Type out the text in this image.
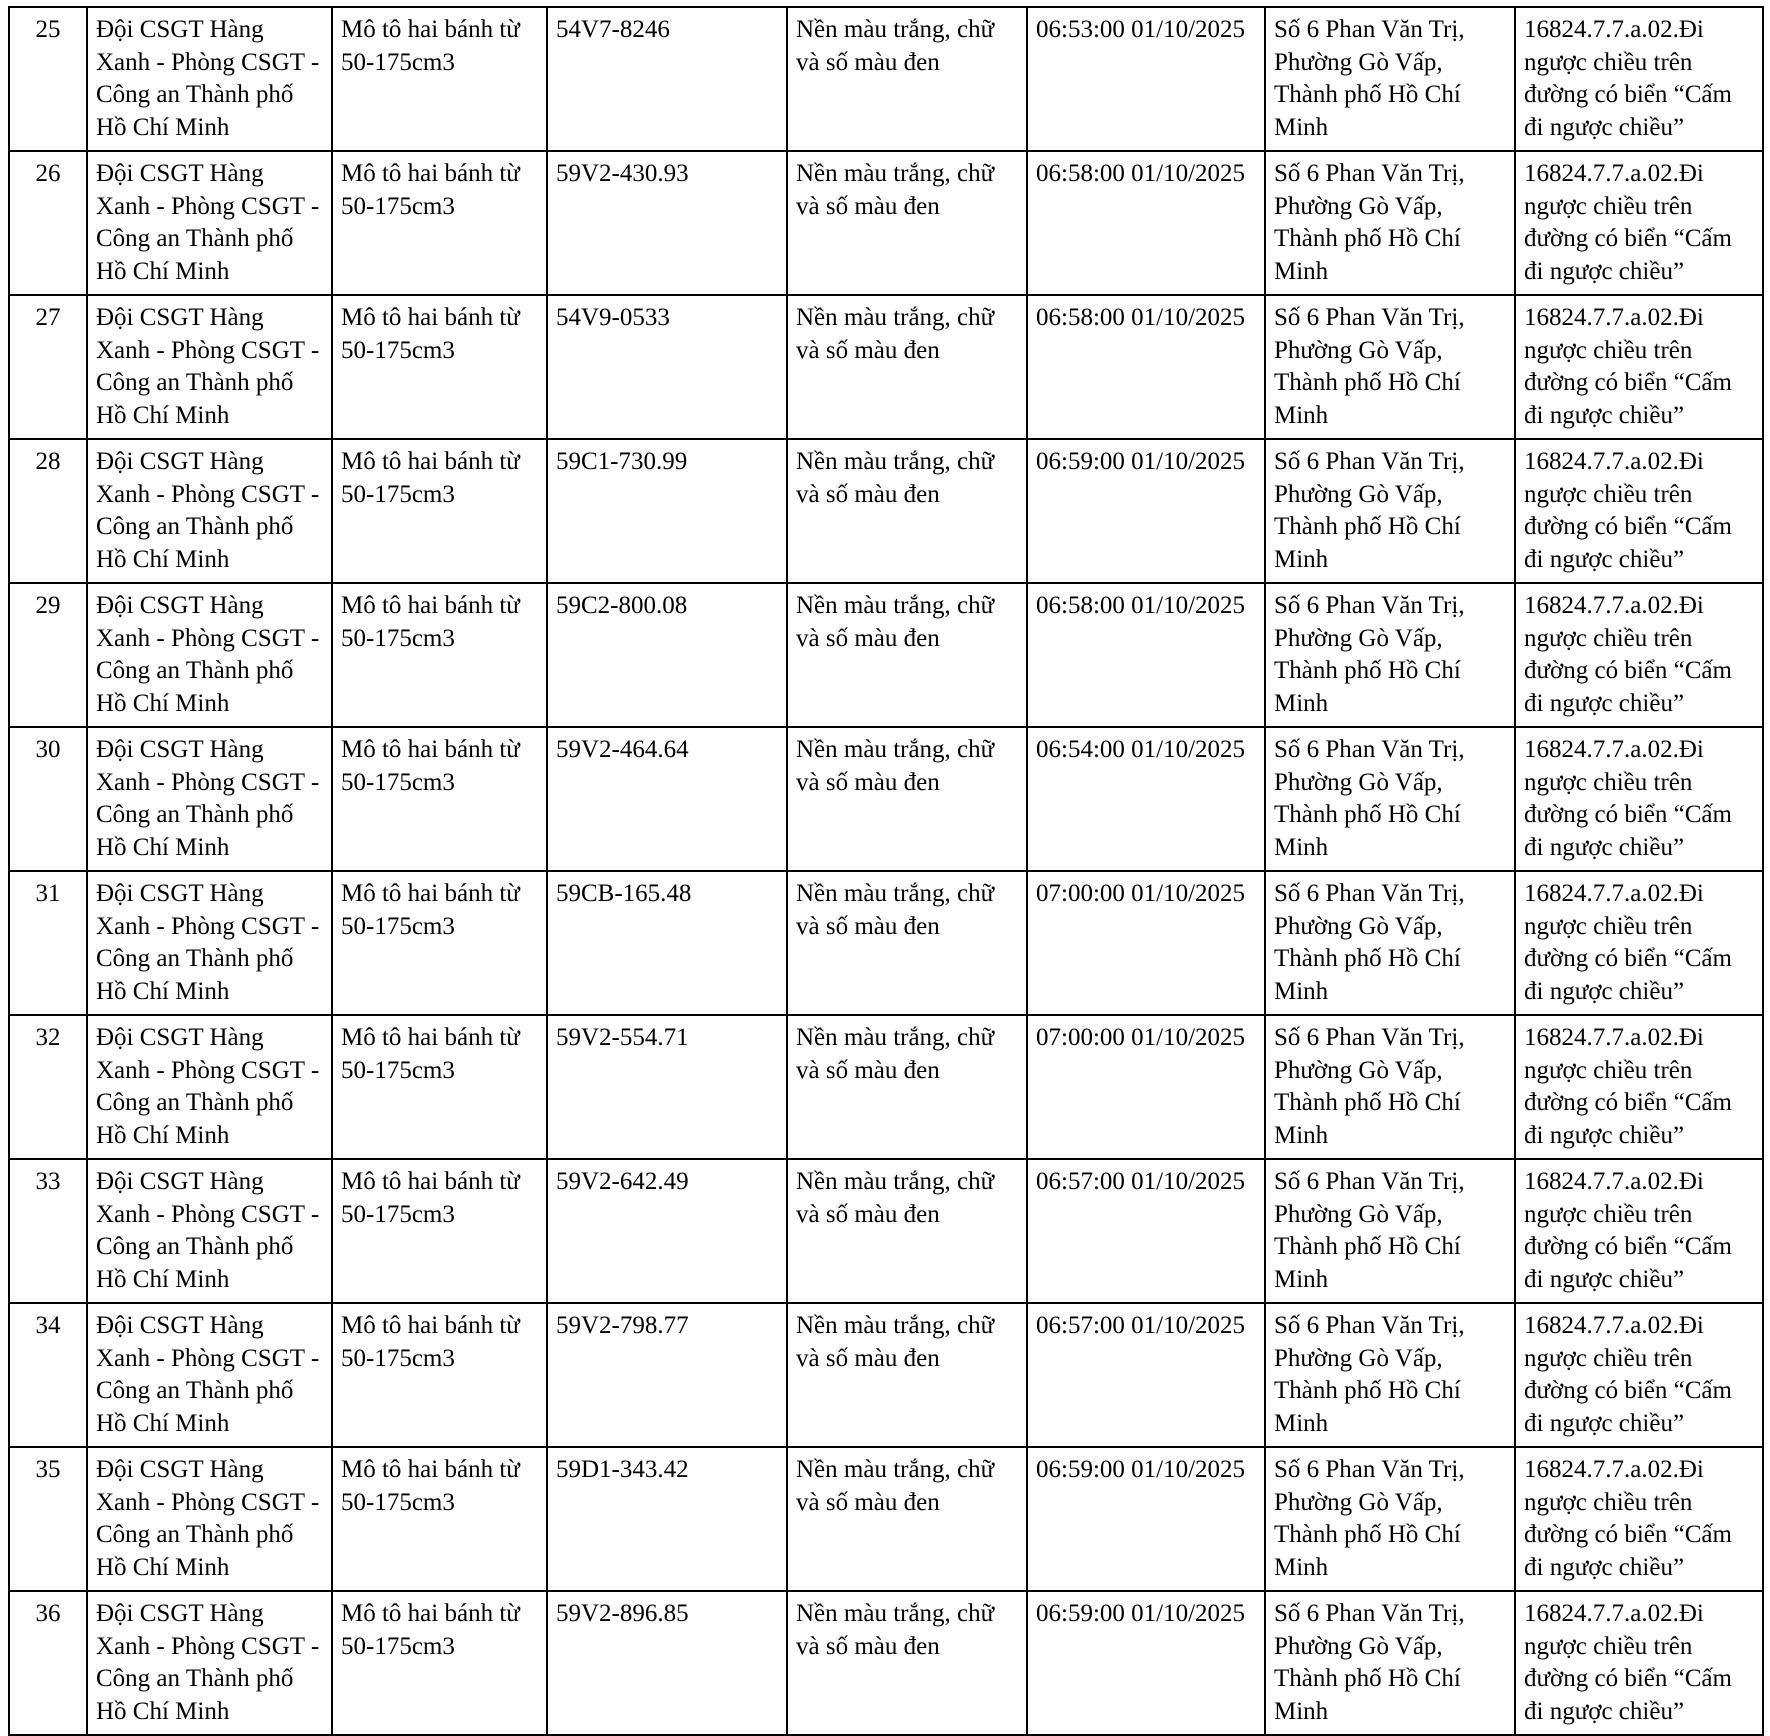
25	Đội CSGT Hàng Xanh - Phòng CSGT - Công an Thành phố Hồ Chí Minh	Mô tô hai bánh từ 50-175cm3	54V7-8246	Nền màu trắng, chữ và số màu đen	06:53:00 01/10/2025	Số 6 Phan Văn Trị, Phường Gò Vấp, Thành phố Hồ Chí Minh	16824.7.7.a.02.Đi ngược chiều trên đường có biển “Cấm đi ngược chiều”
26	Đội CSGT Hàng Xanh - Phòng CSGT - Công an Thành phố Hồ Chí Minh	Mô tô hai bánh từ 50-175cm3	59V2-430.93	Nền màu trắng, chữ và số màu đen	06:58:00 01/10/2025	Số 6 Phan Văn Trị, Phường Gò Vấp, Thành phố Hồ Chí Minh	16824.7.7.a.02.Đi ngược chiều trên đường có biển “Cấm đi ngược chiều”
27	Đội CSGT Hàng Xanh - Phòng CSGT - Công an Thành phố Hồ Chí Minh	Mô tô hai bánh từ 50-175cm3	54V9-0533	Nền màu trắng, chữ và số màu đen	06:58:00 01/10/2025	Số 6 Phan Văn Trị, Phường Gò Vấp, Thành phố Hồ Chí Minh	16824.7.7.a.02.Đi ngược chiều trên đường có biển “Cấm đi ngược chiều”
28	Đội CSGT Hàng Xanh - Phòng CSGT - Công an Thành phố Hồ Chí Minh	Mô tô hai bánh từ 50-175cm3	59C1-730.99	Nền màu trắng, chữ và số màu đen	06:59:00 01/10/2025	Số 6 Phan Văn Trị, Phường Gò Vấp, Thành phố Hồ Chí Minh	16824.7.7.a.02.Đi ngược chiều trên đường có biển “Cấm đi ngược chiều”
29	Đội CSGT Hàng Xanh - Phòng CSGT - Công an Thành phố Hồ Chí Minh	Mô tô hai bánh từ 50-175cm3	59C2-800.08	Nền màu trắng, chữ và số màu đen	06:58:00 01/10/2025	Số 6 Phan Văn Trị, Phường Gò Vấp, Thành phố Hồ Chí Minh	16824.7.7.a.02.Đi ngược chiều trên đường có biển “Cấm đi ngược chiều”
30	Đội CSGT Hàng Xanh - Phòng CSGT - Công an Thành phố Hồ Chí Minh	Mô tô hai bánh từ 50-175cm3	59V2-464.64	Nền màu trắng, chữ và số màu đen	06:54:00 01/10/2025	Số 6 Phan Văn Trị, Phường Gò Vấp, Thành phố Hồ Chí Minh	16824.7.7.a.02.Đi ngược chiều trên đường có biển “Cấm đi ngược chiều”
31	Đội CSGT Hàng Xanh - Phòng CSGT - Công an Thành phố Hồ Chí Minh	Mô tô hai bánh từ 50-175cm3	59CB-165.48	Nền màu trắng, chữ và số màu đen	07:00:00 01/10/2025	Số 6 Phan Văn Trị, Phường Gò Vấp, Thành phố Hồ Chí Minh	16824.7.7.a.02.Đi ngược chiều trên đường có biển “Cấm đi ngược chiều”
32	Đội CSGT Hàng Xanh - Phòng CSGT - Công an Thành phố Hồ Chí Minh	Mô tô hai bánh từ 50-175cm3	59V2-554.71	Nền màu trắng, chữ và số màu đen	07:00:00 01/10/2025	Số 6 Phan Văn Trị, Phường Gò Vấp, Thành phố Hồ Chí Minh	16824.7.7.a.02.Đi ngược chiều trên đường có biển “Cấm đi ngược chiều”
33	Đội CSGT Hàng Xanh - Phòng CSGT - Công an Thành phố Hồ Chí Minh	Mô tô hai bánh từ 50-175cm3	59V2-642.49	Nền màu trắng, chữ và số màu đen	06:57:00 01/10/2025	Số 6 Phan Văn Trị, Phường Gò Vấp, Thành phố Hồ Chí Minh	16824.7.7.a.02.Đi ngược chiều trên đường có biển “Cấm đi ngược chiều”
34	Đội CSGT Hàng Xanh - Phòng CSGT - Công an Thành phố Hồ Chí Minh	Mô tô hai bánh từ 50-175cm3	59V2-798.77	Nền màu trắng, chữ và số màu đen	06:57:00 01/10/2025	Số 6 Phan Văn Trị, Phường Gò Vấp, Thành phố Hồ Chí Minh	16824.7.7.a.02.Đi ngược chiều trên đường có biển “Cấm đi ngược chiều”
35	Đội CSGT Hàng Xanh - Phòng CSGT - Công an Thành phố Hồ Chí Minh	Mô tô hai bánh từ 50-175cm3	59D1-343.42	Nền màu trắng, chữ và số màu đen	06:59:00 01/10/2025	Số 6 Phan Văn Trị, Phường Gò Vấp, Thành phố Hồ Chí Minh	16824.7.7.a.02.Đi ngược chiều trên đường có biển “Cấm đi ngược chiều”
36	Đội CSGT Hàng Xanh - Phòng CSGT - Công an Thành phố Hồ Chí Minh	Mô tô hai bánh từ 50-175cm3	59V2-896.85	Nền màu trắng, chữ và số màu đen	06:59:00 01/10/2025	Số 6 Phan Văn Trị, Phường Gò Vấp, Thành phố Hồ Chí Minh	16824.7.7.a.02.Đi ngược chiều trên đường có biển “Cấm đi ngược chiều”
